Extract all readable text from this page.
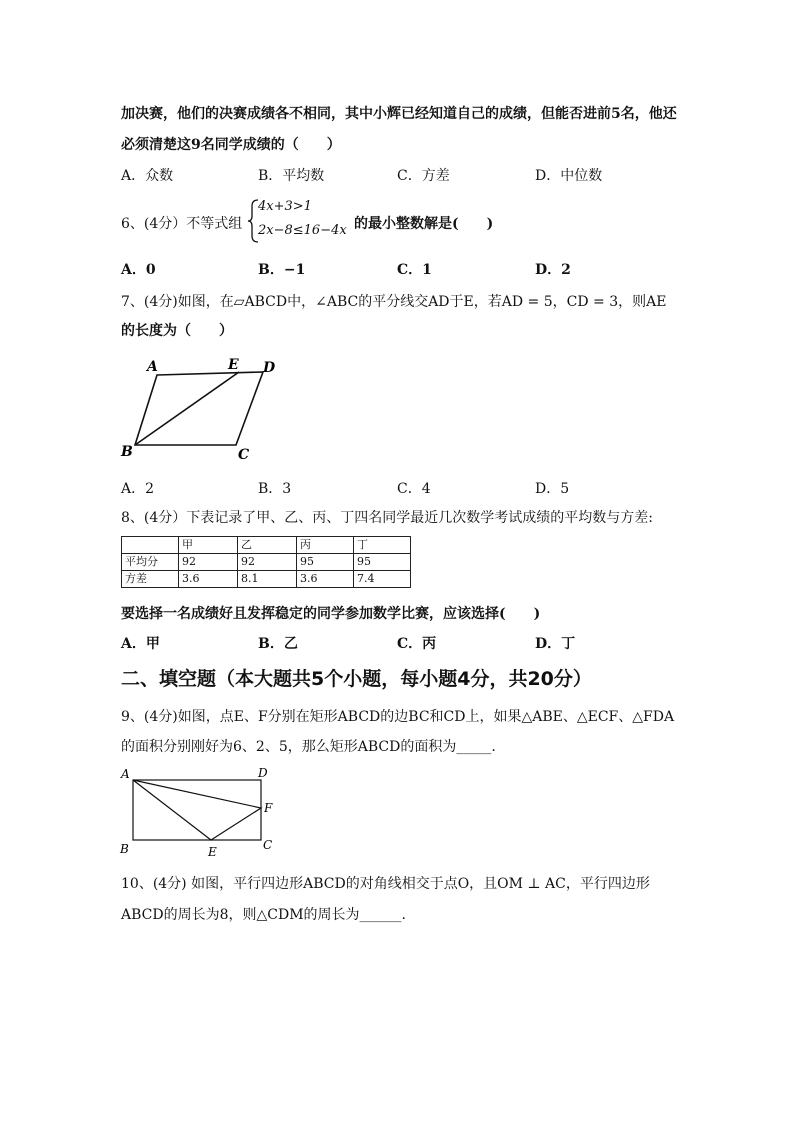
加决赛，他们的决赛成绩各不相同，其中小辉已经知道自己的成绩，但能否进前5名，他还
必须清楚这9名同学成绩的（　　）
A．众数	B．平均数	C．方差	D．中位数
6、(4分）不等式组
4x+3>1
2x−8≤16−4x 的最小整数解是(　　)
A．0	B．−1	C．1	D．2
7、(4分)如图，在▱ABCD中，∠ABC的平分线交AD于E，若AD = 5，CD = 3，则AE
的长度为（　　）
A	E D
B	C
A．2	B．3	C．4	D．5
8、(4分）下表记录了甲、乙、丙、丁四名同学最近几次数学考试成绩的平均数与方差:
	甲	乙	丙	丁
平均分	92	92	95	95
方差	3.6	8.1	3.6	7.4
要选择一名成绩好且发挥稳定的同学参加数学比赛，应该选择(　　)
A．甲	B．乙	C．丙	D．丁
二、填空题（本大题共5个小题，每小题4分，共20分）
9、(4分)如图，点E、F分别在矩形ABCD的边BC和CD上，如果△ABE、△ECF、△FDA
的面积分别刚好为6、2、5，那么矩形ABCD的面积为_____.
A	D
F
B	E	C
10、(4分) 如图，平行四边形ABCD的对角线相交于点O，且OM ⊥ AC，平行四边形
ABCD的周长为8，则△CDM的周长为______.
